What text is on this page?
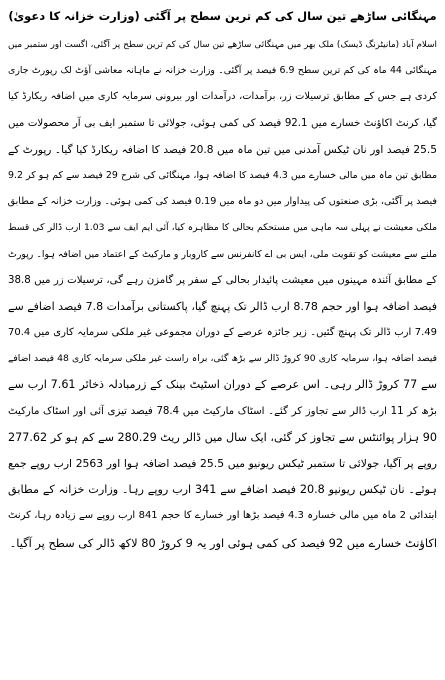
مہنگائی ساڑھے تین سال کی کم ترین سطح پر آگئی (وزارت خزانہ کا دعویٰ)
اسلام آباد (مانیٹرنگ ڈیسک) ملک بھر میں مہنگائی ساڑھے تین سال کی کم ترین سطح پر آگئی، اگست اور ستمبر میں
مہنگائی 44 ماہ کی کم ترین سطح 6.9 فیصد پر آگئی۔ وزارت خزانہ نے ماہانہ معاشی آؤٹ لک رپورٹ جاری
کردی ہے جس کے مطابق ترسیلات زر، برآمدات، درآمدات اور بیرونی سرمایہ کاری میں اضافہ ریکارڈ کیا
گیا، کرنٹ اکاؤنٹ خسارے میں 92.1 فیصد کی کمی ہوئی، جولائی تا ستمبر ایف بی آر محصولات میں
25.5 فیصد اور نان ٹیکس آمدنی میں تین ماہ میں 20.8 فیصد کا اضافہ ریکارڈ کیا گیا۔ رپورٹ کے
مطابق تین ماہ میں مالی خسارے میں 4.3 فیصد کا اضافہ ہوا، مہنگائی کی شرح 29 فیصد سے کم ہو کر 9.2
فیصد پر آگئی، بڑی صنعتوں کی پیداوار میں دو ماہ میں 0.19 فیصد کی کمی ہوئی۔ وزارت خزانہ کے مطابق
ملکی معیشت نے پہلی سہ ماہی میں مستحکم بحالی کا مظاہرہ کیا، آئی ایم ایف سے 1.03 ارب ڈالر کی قسط
ملنے سے معیشت کو تقویت ملی، ایس بی اے کانفرنس سے کاروبار و مارکیٹ کے اعتماد میں اضافہ ہوا۔ رپورٹ
کے مطابق آئندہ مہینوں میں معیشت پائیدار بحالی کے سفر پر گامزن رہے گی، ترسیلات زر میں 38.8
فیصد اضافہ ہوا اور حجم 8.78 ارب ڈالر تک پہنچ گیا، پاکستانی برآمدات 7.8 فیصد اضافے سے
7.49 ارب ڈالر تک پہنچ گئیں۔ زیر جائزہ عرصے کے دوران مجموعی غیر ملکی سرمایہ کاری میں 70.4
فیصد اضافہ ہوا، سرمایہ کاری 90 کروڑ ڈالر سے بڑھ گئی، براہ راست غیر ملکی سرمایہ کاری 48 فیصد اضافے
سے 77 کروڑ ڈالر رہی۔ اس عرصے کے دوران اسٹیٹ بینک کے زرمبادلہ ذخائر 7.61 ارب سے
بڑھ کر 11 ارب ڈالر سے تجاوز کر گئے۔ اسٹاک مارکیٹ میں 78.4 فیصد تیزی آئی اور اسٹاک مارکیٹ
90 ہزار پوائنٹس سے تجاوز کر گئی، ایک سال میں ڈالر ریٹ 280.29 سے کم ہو کر 277.62
روپے پر آگیا، جولائی تا ستمبر ٹیکس ریونیو میں 25.5 فیصد اضافہ ہوا اور 2563 ارب روپے جمع
ہوئے۔ نان ٹیکس ریونیو 20.8 فیصد اضافے سے 341 ارب روپے رہا۔ وزارت خزانہ کے مطابق
ابتدائی 2 ماہ میں مالی خسارہ 4.3 فیصد بڑھا اور خسارے کا حجم 841 ارب روپے سے زیادہ رہا، کرنٹ
اکاؤنٹ خسارے میں 92 فیصد کی کمی ہوئی اور یہ 9 کروڑ 80 لاکھ ڈالر کی سطح پر آگیا۔
